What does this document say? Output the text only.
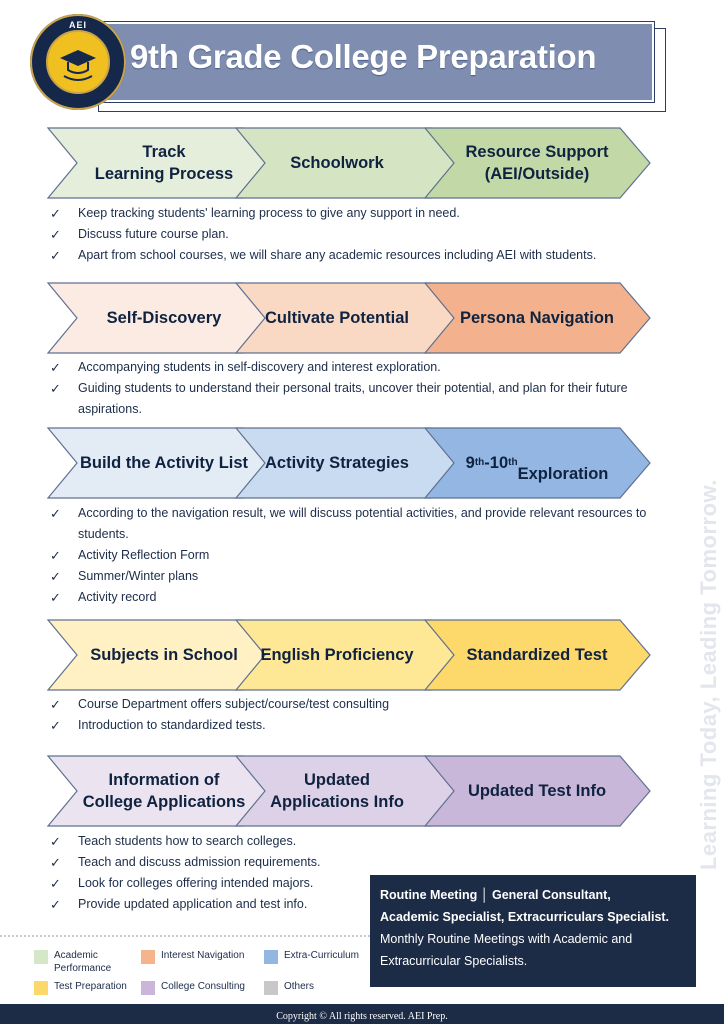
9th Grade College Preparation
AEI
Track
Learning Process
Schoolwork
Resource Support
(AEI/Outside)
✓ Keep tracking students' learning process to give any support in need.
✓ Discuss future course plan.
✓ Apart from school courses, we will share any academic resources including AEI with students.
Self-Discovery	Cultivate Potential	Persona Navigation
✓ Accompanying students in self-discovery and interest exploration.
✓ Guiding students to understand their personal traits, uncover their potential, and plan for their future aspirations.
Build the Activity List	Activity Strategies	9 th -10 th

Exploration
✓ According to the navigation result, we will discuss potential activities, and provide relevant resources to students.
✓ Activity Reflection Form
✓ Summer/Winter plans
✓ Activity record
Subjects in School	English Proficiency	Standardized Test
✓ Course Department offers subject/course/test consulting
✓ Introduction to standardized tests.
Information of
College Applications
Updated
Applications Info
Updated Test Info
✓ Teach students how to search colleges.
✓ Teach and discuss admission requirements.
✓ Look for colleges offering intended majors.
✓ Provide updated application and test info.
Learning Today, Leading Tomorrow.
Routine Meeting │ General Consultant,
Academic Specialist, Extracurriculars Specialist.
Monthly Routine Meetings with Academic and
Extracurricular Specialists.
Academic
Performance
Interest Navigation	Extra-Curriculum
Test Preparation	College Consulting	Others
Copyright © All rights reserved. AEI Prep.
